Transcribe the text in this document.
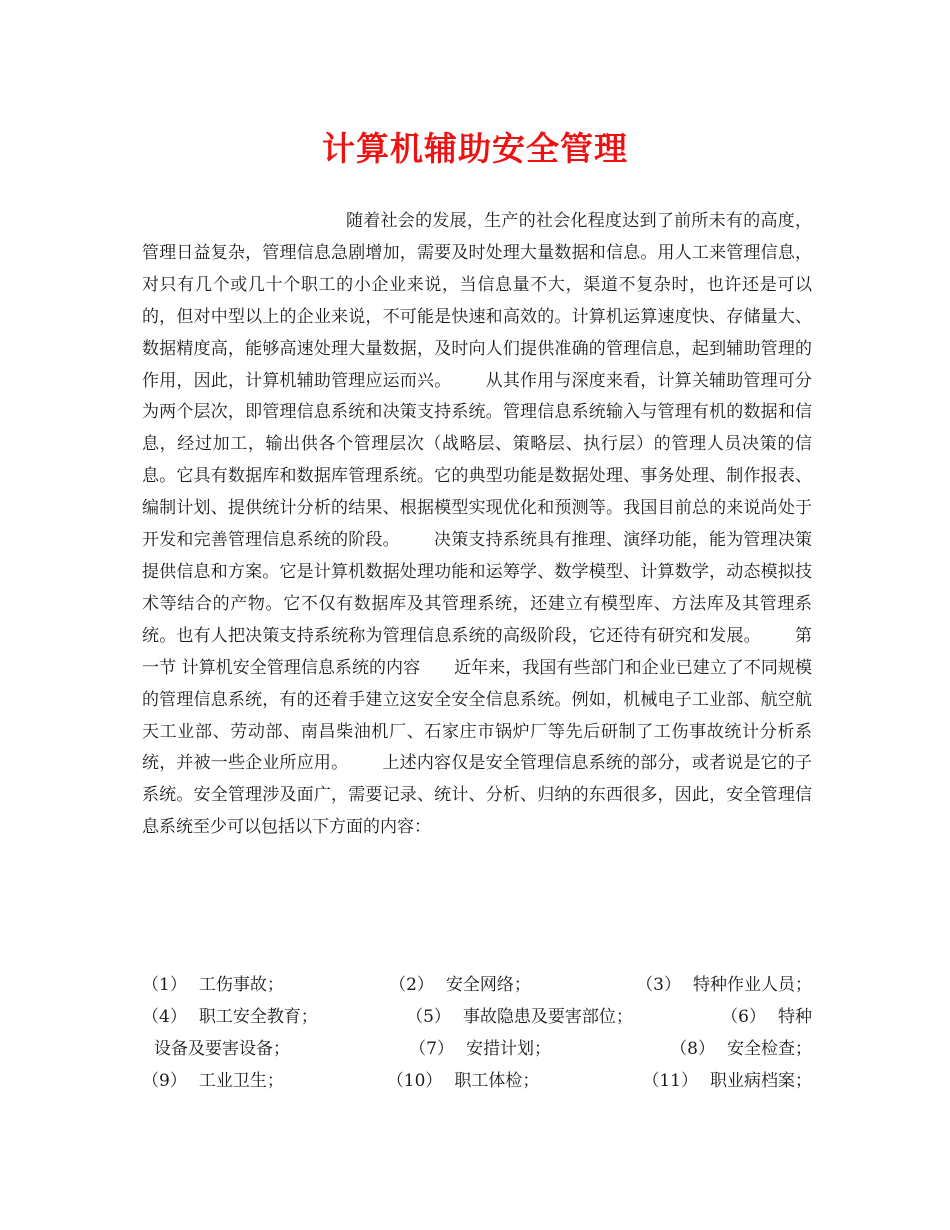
计算机辅助安全管理

随着社会的发展，生产的社会化程度达到了前所未有的高度，管理日益复杂，管理信息急剧增加，需要及时处理大量数据和信息。用人工来管理信息，对只有几个或几十个职工的小企业来说，当信息量不大，渠道不复杂时，也许还是可以的，但对中型以上的企业来说，不可能是快速和高效的。计算机运算速度快、存储量大、数据精度高，能够高速处理大量数据，及时向人们提供准确的管理信息，起到辅助管理的作用，因此，计算机辅助管理应运而兴。 从其作用与深度来看，计算关辅助管理可分为两个层次，即管理信息系统和决策支持系统。管理信息系统输入与管理有机的数据和信息，经过加工，输出供各个管理层次（战略层、策略层、执行层）的管理人员决策的信息。它具有数据库和数据库管理系统。它的典型功能是数据处理、事务处理、制作报表、编制计划、提供统计分析的结果、根据模型实现优化和预测等。我国目前总的来说尚处于开发和完善管理信息系统的阶段。 决策支持系统具有推理、演绎功能，能为管理决策提供信息和方案。它是计算机数据处理功能和运筹学、数学模型、计算数学，动态模拟技术等结合的产物。它不仅有数据库及其管理系统，还建立有模型库、方法库及其管理系统。也有人把决策支持系统称为管理信息系统的高级阶段，它还待有研究和发展。 第一节 计算机安全管理信息系统的内容 近年来，我国有些部门和企业已建立了不同规模的管理信息系统，有的还着手建立这安全安全信息系统。例如，机械电子工业部、航空航天工业部、劳动部、南昌柴油机厂、石家庄市锅炉厂等先后研制了工伤事故统计分析系统，并被一些企业所应用。 上述内容仅是安全管理信息系统的部分，或者说是它的子系统。安全管理涉及面广，需要记录、统计、分析、归纳的东西很多，因此，安全管理信息系统至少可以包括以下方面的内容：

（1） 工伤事故；	（2） 安全网络；	（3） 特种作业人员；
（4） 职工安全教育；	（5） 事故隐患及要害部位；	（6） 特种
设备及要害设备；	（7） 安措计划；	（8） 安全检查；
（9） 工业卫生；	（10） 职工体检；	（11） 职业病档案；
